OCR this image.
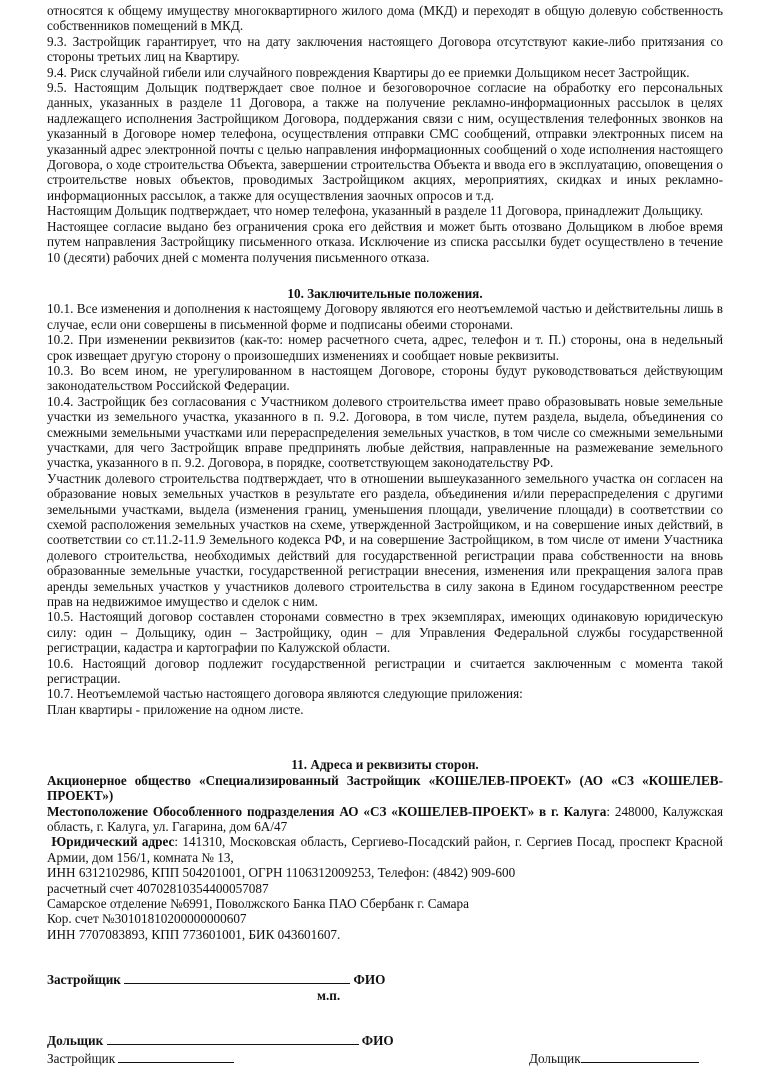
относятся к общему имуществу многоквартирного жилого дома (МКД) и переходят в общую долевую собственность собственников помещений в МКД.

9.3. Застройщик гарантирует, что на дату заключения настоящего Договора отсутствуют какие-либо притязания со стороны третьих лиц на Квартиру.

9.4. Риск случайной гибели или случайного повреждения Квартиры до ее приемки Дольщиком несет Застройщик.

9.5. Настоящим Дольщик подтверждает свое полное и безоговорочное согласие на обработку его персональных данных, указанных в разделе 11 Договора, а также на получение рекламно-информационных рассылок в целях надлежащего исполнения Застройщиком Договора, поддержания связи с ним, осуществления телефонных звонков на указанный в Договоре номер телефона, осуществления отправки СМС сообщений, отправки электронных писем на указанный адрес электронной почты с целью направления информационных сообщений о ходе исполнения настоящего Договора, о ходе строительства Объекта, завершении строительства Объекта и ввода его в эксплуатацию, оповещения о строительстве новых объектов, проводимых Застройщиком акциях, мероприятиях, скидках и иных рекламно-информационных рассылок, а также для осуществления заочных опросов и т.д.

Настоящим Дольщик подтверждает, что номер телефона, указанный в разделе 11 Договора, принадлежит Дольщику.

Настоящее согласие выдано без ограничения срока его действия и может быть отозвано Дольщиком в любое время путем направления Застройщику письменного отказа. Исключение из списка рассылки будет осуществлено в течение 10 (десяти) рабочих дней с момента получения письменного отказа.

10. Заключительные положения.

10.1. Все изменения и дополнения к настоящему Договору являются его неотъемлемой частью и действительны лишь в случае, если они совершены в письменной форме и подписаны обеими сторонами.

10.2. При изменении реквизитов (как-то: номер расчетного счета, адрес, телефон и т. П.) стороны, она в недельный срок извещает другую сторону о произошедших изменениях и сообщает новые реквизиты.

10.3. Во всем ином, не урегулированном в настоящем Договоре, стороны будут руководствоваться действующим законодательством Российской Федерации.

10.4. Застройщик без согласования с Участником долевого строительства имеет право образовывать новые земельные участки из земельного участка, указанного в п. 9.2. Договора, в том числе, путем раздела, выдела, объединения со смежными земельными участками или перераспределения земельных участков, в том числе со смежными земельными участками, для чего Застройщик вправе предпринять любые действия, направленные на размежевание земельного участка, указанного в п. 9.2. Договора, в порядке, соответствующем законодательству РФ.

Участник долевого строительства подтверждает, что в отношении вышеуказанного земельного участка он согласен на образование новых земельных участков в результате его раздела, объединения и/или перераспределения с другими земельными участками, выдела (изменения границ, уменьшения площади, увеличение площади) в соответствии со схемой расположения земельных участков на схеме, утвержденной Застройщиком, и на совершение иных действий, в соответствии со ст.11.2-11.9 Земельного кодекса РФ, и на совершение Застройщиком, в том числе от имени Участника долевого строительства, необходимых действий для государственной регистрации права собственности на вновь образованные земельные участки, государственной регистрации внесения, изменения или прекращения залога прав аренды земельных участков у участников долевого строительства в силу закона в Едином государственном реестре прав на недвижимое имущество и сделок с ним.

10.5. Настоящий договор составлен сторонами совместно в трех экземплярах, имеющих одинаковую юридическую силу: один – Дольщику, один – Застройщику, один – для Управления Федеральной службы государственной регистрации, кадастра и картографии по Калужской области.

10.6. Настоящий договор подлежит государственной регистрации и считается заключенным с момента такой регистрации.

10.7. Неотъемлемой частью настоящего договора являются следующие приложения:

План квартиры - приложение на одном листе.

11. Адреса и реквизиты сторон.

Акционерное общество «Специализированный Застройщик «КОШЕЛЕВ-ПРОЕКТ» (АО «СЗ «КОШЕЛЕВ-ПРОЕКТ»)

Местоположение Обособленного подразделения АО «СЗ «КОШЕЛЕВ-ПРОЕКТ» в г. Калуга: 248000, Калужская область, г. Калуга, ул. Гагарина, дом 6А/47

Юридический адрес: 141310, Московская область, Сергиево-Посадский район, г. Сергиев Посад, проспект Красной Армии, дом 156/1, комната № 13,

ИНН 6312102986, КПП 504201001, ОГРН 1106312009253, Телефон: (4842) 909-600

расчетный счет 40702810354400057087

Самарское отделение №6991, Поволжского Банка ПАО Сбербанк г. Самара

Кор. счет №30101810200000000607

ИНН 7707083893, КПП 773601001, БИК 043601607.

Застройщик	ФИО
м.п.
Дольщик	ФИО
Застройщик	Дольщик
